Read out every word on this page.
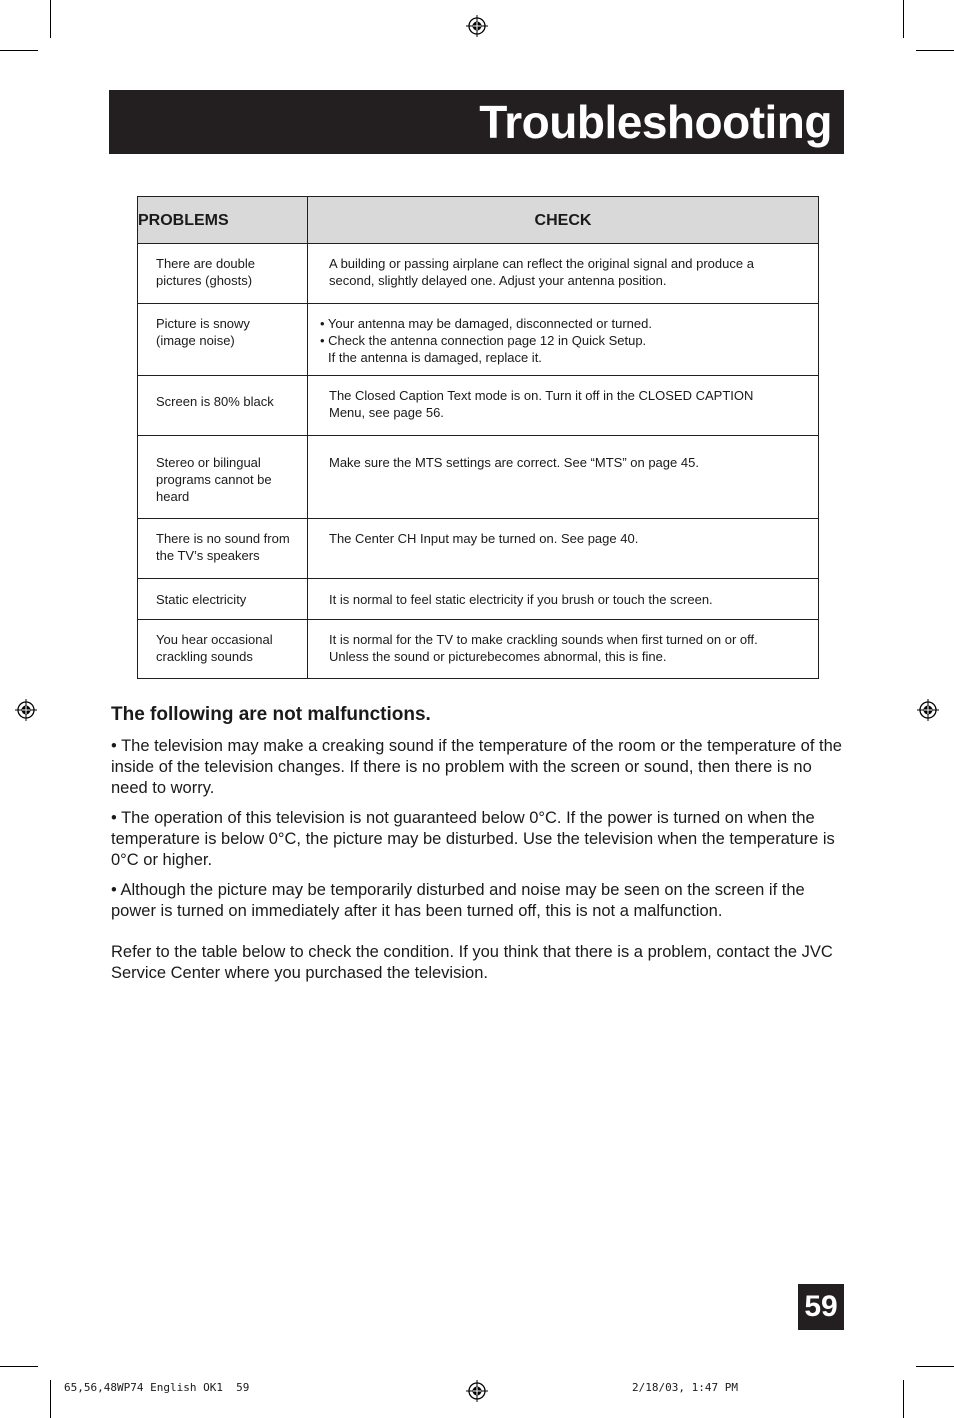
Troubleshooting
PROBLEMS	CHECK

There are double
pictures (ghosts)	A building or passing airplane can reflect the original signal and produce a
second, slightly delayed one. Adjust your antenna position.

Picture is snowy
(image noise)	• Your antenna may be damaged, disconnected or turned.
• Check the antenna connection page 12 in Quick Setup.
If the antenna is damaged, replace it.

Screen is 80% black	The Closed Caption Text mode is on. Turn it off in the CLOSED CAPTION
Menu, see page 56.

Stereo or bilingual
programs cannot be
heard	Make sure the MTS settings are correct. See “MTS” on page 45.

There is no sound from
the TV’s speakers	The Center CH Input may be turned on. See page 40.

Static electricity	It is normal to feel static electricity if you brush or touch the screen.

You hear occasional
crackling sounds	It is normal for the TV to make crackling sounds when first turned on or off.
Unless the sound or picturebecomes abnormal, this is fine.
The following are not malfunctions.

• The television may make a creaking sound if the temperature of the room or the temperature of the inside of the television changes. If there is no problem with the screen or sound, then there is no need to worry.

• The operation of this television is not guaranteed below 0°C. If the power is turned on when the temperature is below 0°C, the picture may be disturbed. Use the television when the temperature is 0°C or higher.

• Although the picture may be temporarily disturbed and noise may be seen on the screen if the power is turned on immediately after it has been turned off, this is not a malfunction.

Refer to the table below to check the condition. If you think that there is a problem, contact the JVC Service Center where you purchased the television.

59
65,56,48WP74 English OK1  59	2/18/03, 1:47 PM
